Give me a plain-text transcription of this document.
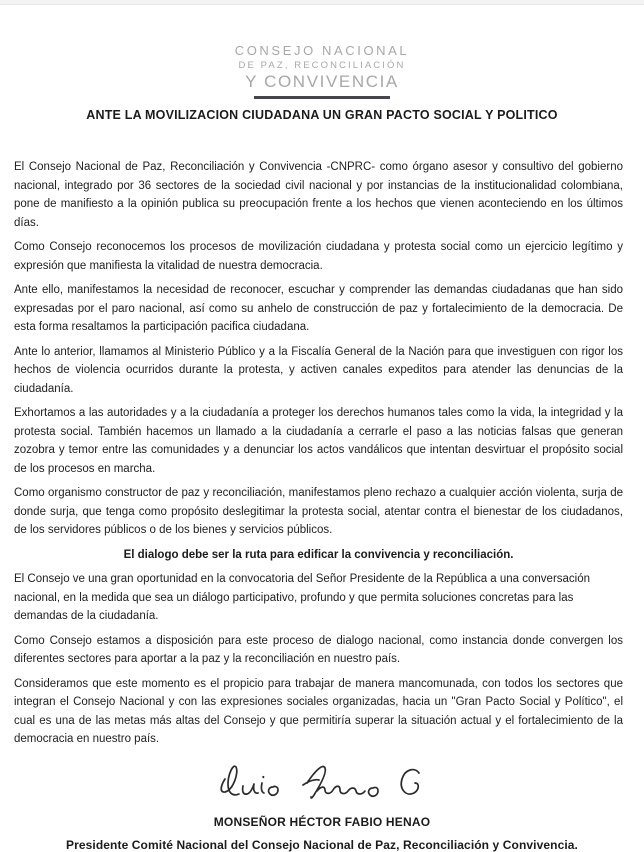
CONSEJO NACIONAL
DE PAZ, RECONCILIACIÓN
Y CONVIVENCIA
ANTE LA MOVILIZACION CIUDADANA UN GRAN PACTO SOCIAL Y POLITICO

El Consejo Nacional de Paz, Reconciliación y Convivencia -CNPRC- como órgano asesor y consultivo del gobierno nacional, integrado por 36 sectores de la sociedad civil nacional y por instancias de la institucionalidad colombiana, pone de manifiesto a la opinión publica su preocupación frente a los hechos que vienen aconteciendo en los últimos días.

Como Consejo reconocemos los procesos de movilización ciudadana y protesta social como un ejercicio legítimo y expresión que manifiesta la vitalidad de nuestra democracia.

Ante ello, manifestamos la necesidad de reconocer, escuchar y comprender las demandas ciudadanas que han sido expresadas por el paro nacional, así como su anhelo de construcción de paz y fortalecimiento de la democracia. De esta forma resaltamos la participación pacifica ciudadana.

Ante lo anterior, llamamos al Ministerio Público y a la Fiscalía General de la Nación para que investiguen con rigor los hechos de violencia ocurridos durante la protesta, y activen canales expeditos para atender las denuncias de la ciudadanía.

Exhortamos a las autoridades y a la ciudadanía a proteger los derechos humanos tales como la vida, la integridad y la protesta social. También hacemos un llamado a la ciudadanía a cerrarle el paso a las noticias falsas que generan zozobra y temor entre las comunidades y a denunciar los actos vandálicos que intentan desvirtuar el propósito social de los procesos en marcha.

Como organismo constructor de paz y reconciliación, manifestamos pleno rechazo a cualquier acción violenta, surja de donde surja, que tenga como propósito deslegitimar la protesta social, atentar contra el bienestar de los ciudadanos, de los servidores públicos o de los bienes y servicios públicos.

El dialogo debe ser la ruta para edificar la convivencia y reconciliación.

El Consejo ve una gran oportunidad en la convocatoria del Señor Presidente de la República a una conversación nacional, en la medida que sea un diálogo participativo, profundo y que permita soluciones concretas para las demandas de la ciudadanía.

Como Consejo estamos a disposición para este proceso de dialogo nacional, como instancia donde convergen los diferentes sectores para aportar a la paz y la reconciliación en nuestro país.

Consideramos que este momento es el propicio para trabajar de manera mancomunada, con todos los sectores que integran el Consejo Nacional y con las expresiones sociales organizadas, hacia un "Gran Pacto Social y Político", el cual es una de las metas más altas del Consejo y que permitiría superar la situación actual y el fortalecimiento de la democracia en nuestro país.

MONSEÑOR HÉCTOR FABIO HENAO
Presidente Comité Nacional del Consejo Nacional de Paz, Reconciliación y Convivencia.
